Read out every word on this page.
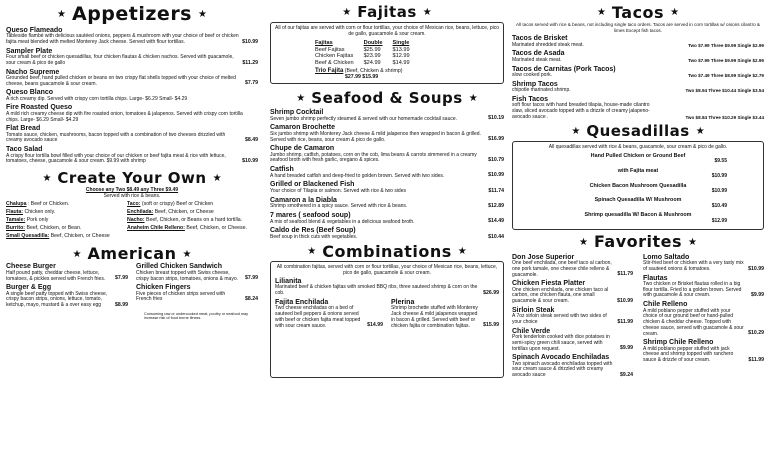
★ Appetizers ★
Queso Flameado
Tableside flambé with delicious sautéed onions, peppers & mushroom with your choice of beef or chicken fajita meat blended with melted Monterey Jack cheese. Served with flour tortillas.	$10.99
Sampler Plate
Four small beef or chicken quesadillas, four chicken flautas & chicken nachos. Served with guacamole, sour cream & pico de gallo	$11.29
Nacho Supreme
Grounded beef, hand pulled chicken or beans on two crispy flat shells topped with your choice of melted cheese, beans guacamole & sour cream.	$7.79
Queso Blanco
A rich creamy dip. Served with crispy corn tortilla chips. Large- $6.29 Small- $4.29
Fire Roasted Queso
A mild rich creamy cheese dip with fire roasted onion, tomatoes & jalapenos. Served with crispy corn tortilla chips. Large- $6.29 Small- $4.29
Flat Bread
Tomato sauce, chicken, mushrooms, bacon topped with a combination of two cheeses drizzled with creamy avocado sauce	$8.49
Taco Salad
A crispy flour tortilla bowl filled with your choice of our chicken or beef fajita meat & rice with lettuce, tomatoes, cheese, guacamole & sour cream. $9.99 with shrimp	$10.99
★ Create Your Own ★
Choose any Two $8.49 any Three $9.49
Served with rice & beans.
Chalupa : Beef or Chicken.
Flauta: Chicken only.
Tamale: Pork only
Burrito: Beef, Chicken, or Bean.
Small Quesadilla: Beef, Chicken, or Cheese
Taco: (soft or crispy) Beef or Chicken
Enchilada: Beef, Chicken, or Cheese
Nacho: Beef, Chicken, or Beans on a hard tortilla.
Anaheim Chile Relleno: Beef, Chicken, or Cheese.
★ American ★
Cheese Burger
Half pound patty, cheddar cheese, lettuce, tomatoes, & pickles served with French fries.	$7.99
Grilled Chicken Sandwich
Chicken breast topped with Swiss cheese, crispy bacon strips, tomatoes, onions & mayo.	$7.99
Burger & Egg
A single beef patty topped with Swiss cheese, crispy bacon strips, onions, lettuce, tomato, ketchup, mayo, mustard & a over easy egg	$8.99
Chicken Fingers
Five pieces of chicken strips served with French fries	$8.24
Consuming raw or undercooked meat, poultry or seafood may increase risk of food borne illness
★ Fajitas ★
All of our fajitas are served with corn or flour tortillas, your choice of Mexican rice, beans, lettuce, pico de gallo, guacamole & sour cream.
Fajitas	Double	Single
Beef Fajitas	$25.99	$13.99
Chicken Fajitas	$23.99	$12.99
Beef & Chicken	$24.99	$14.99
Trio Fajita (Beef, Chicken & shrimp)
$27.99 $15.99
★ Seafood & Soups ★
Shrimp Cocktail
Seven jumbo shrimp perfectly steamed & served with our homemade cocktail sauce.	$10.19
Camaron Brochette
Six jumbo shrimp with Monterey Jack cheese & mild jalapenos then wrapped in bacon & grilled. Served with rice, beans, sour cream & pico de gallo.	$16.99
Chupe de Camaron
Jumbo shrimp, catfish, potatoes, corn on the cob, lima beans & carrots simmered in a creamy seafood broth with fresh garlic, oregano & spices.	$10.79
Catfish
A hand breaded catfish and deep-fried to golden brown. Served with two sides.	$10.99
Grilled or Blackened Fish
Your choice of Tilapia or salmon. Served with rice & two sides	$11.74
Camaron a la Diabla
Shrimp smothered in a spicy sauce. Served with rice & beans.	$12.89
7 mares ( seafood soup)
A mix of seafood blend & vegetables in a delicious seafood broth.	$14.49
Caldo de Res (Beef Soup)
Beef soup in thick cuts with vegetables.	$10.44
★ Combinations ★
All combination fajitas, served with corn or flour tortillas, your choice of Mexican rice, beans, lettuce, pico de gallo, guacamole & sour cream.
Lilianita
Marinated beef & chicken fajitas with smoked BBQ ribs, three sauteed shrimp & corn on the cob.	$26.99
Fajita Enchilada
Two cheese enchiladas on a bed of sauteed bell peppers & onions served with beef or chicken fajita meat topped with sour cream sauce.	$14.99
Plerina
Shrimp brochette stuffed with Monterey Jack cheese & mild jalapenos wrapped in bacon & grilled. Served with beef or chicken fajita or combination fajitas.	$15.99
★ Tacos ★
All tacos served with rice & beans, not including single taco orders. Tacos are served in corn tortillas w/ onions cilantro & limes Except fish tacos.
Tacos de Brisket
Marinated shredded steak meat.	Two $7.99 Three $9.99 Single $2.99
Tacos de Asada
Marinated steak meat.	Two $7.99 Three $9.99 Single $2.99
Tacos de Carnitas (Pork Tacos)
slow cooked pork.	Two $7.49 Three $8.99 Single $2.79
Shrimp Tacos
chipotle marinated shrimp.	Two $8.94 Three $10.44 Single $3.54
Fish Tacos
soft flour tacos with hand breaded tilapia, house-made cilantro slaw, sliced avocado topped with a drizzle of creamy jalapeno-avocado sauce .	Two $8.84 Three $10.29 Single $3.44
★ Quesadillas ★
All quesadillas served with rice & beans, guacamole, sour cream & pico de gallo.
Hand Pulled Chicken or Ground Beef
$9.55
with Fajita meat
$10.99
Chicken Bacon Mushroom Quesadilla
$10.99
Spinach Quesadilla W/ Mushroom
$10.49
Shrimp quesadilla W/ Bacon & Mushroom
$12.99
★ Favorites ★
Don Jose Superior
One beef enchilada, one beef taco al carbon, one pork tamale, one cheese chile relleno & guacamole.	$11.79
Chicken Fiesta Platter
One chicken enchilada, one chicken taco al carbon, one chicken flauta, one small guacamole & sour cream.	$10.99
Sirloin Steak
A 7oz sirloin steak served with two sides of your choice	$11.99
Chile Verde
Pork tenderloin cooked with dice potatoes in semi-spicy green chili sauce, served with tortillas upon request.	$9.99
Spinach Avocado Enchiladas
Two spinach avocado enchiladas topped with sour cream sauce & drizzled with creamy avocado sauce	$9.24
Lomo Saltado
Stir-fried beef or chicken with a very tasty mix of sauteed onions & tomatoes.	$10.99
Flautas
Two chicken or Brisket flautas rolled in a big flour tortilla. Fried to a golden brown. Served with guacamole & sour cream.	$9.99
Chile Relleno
A mild poblano pepper stuffed with your choice of our ground beef or hand-pulled chicken & cheddar cheese. Topped with cheese sauce, served with guacamole & sour cream.	$10.29
Shrimp Chile Relleno
A mild poblano pepper stuffed with jack cheese and shrimp topped with ranchero sauce & drizzle of sour cream.	$11.99
